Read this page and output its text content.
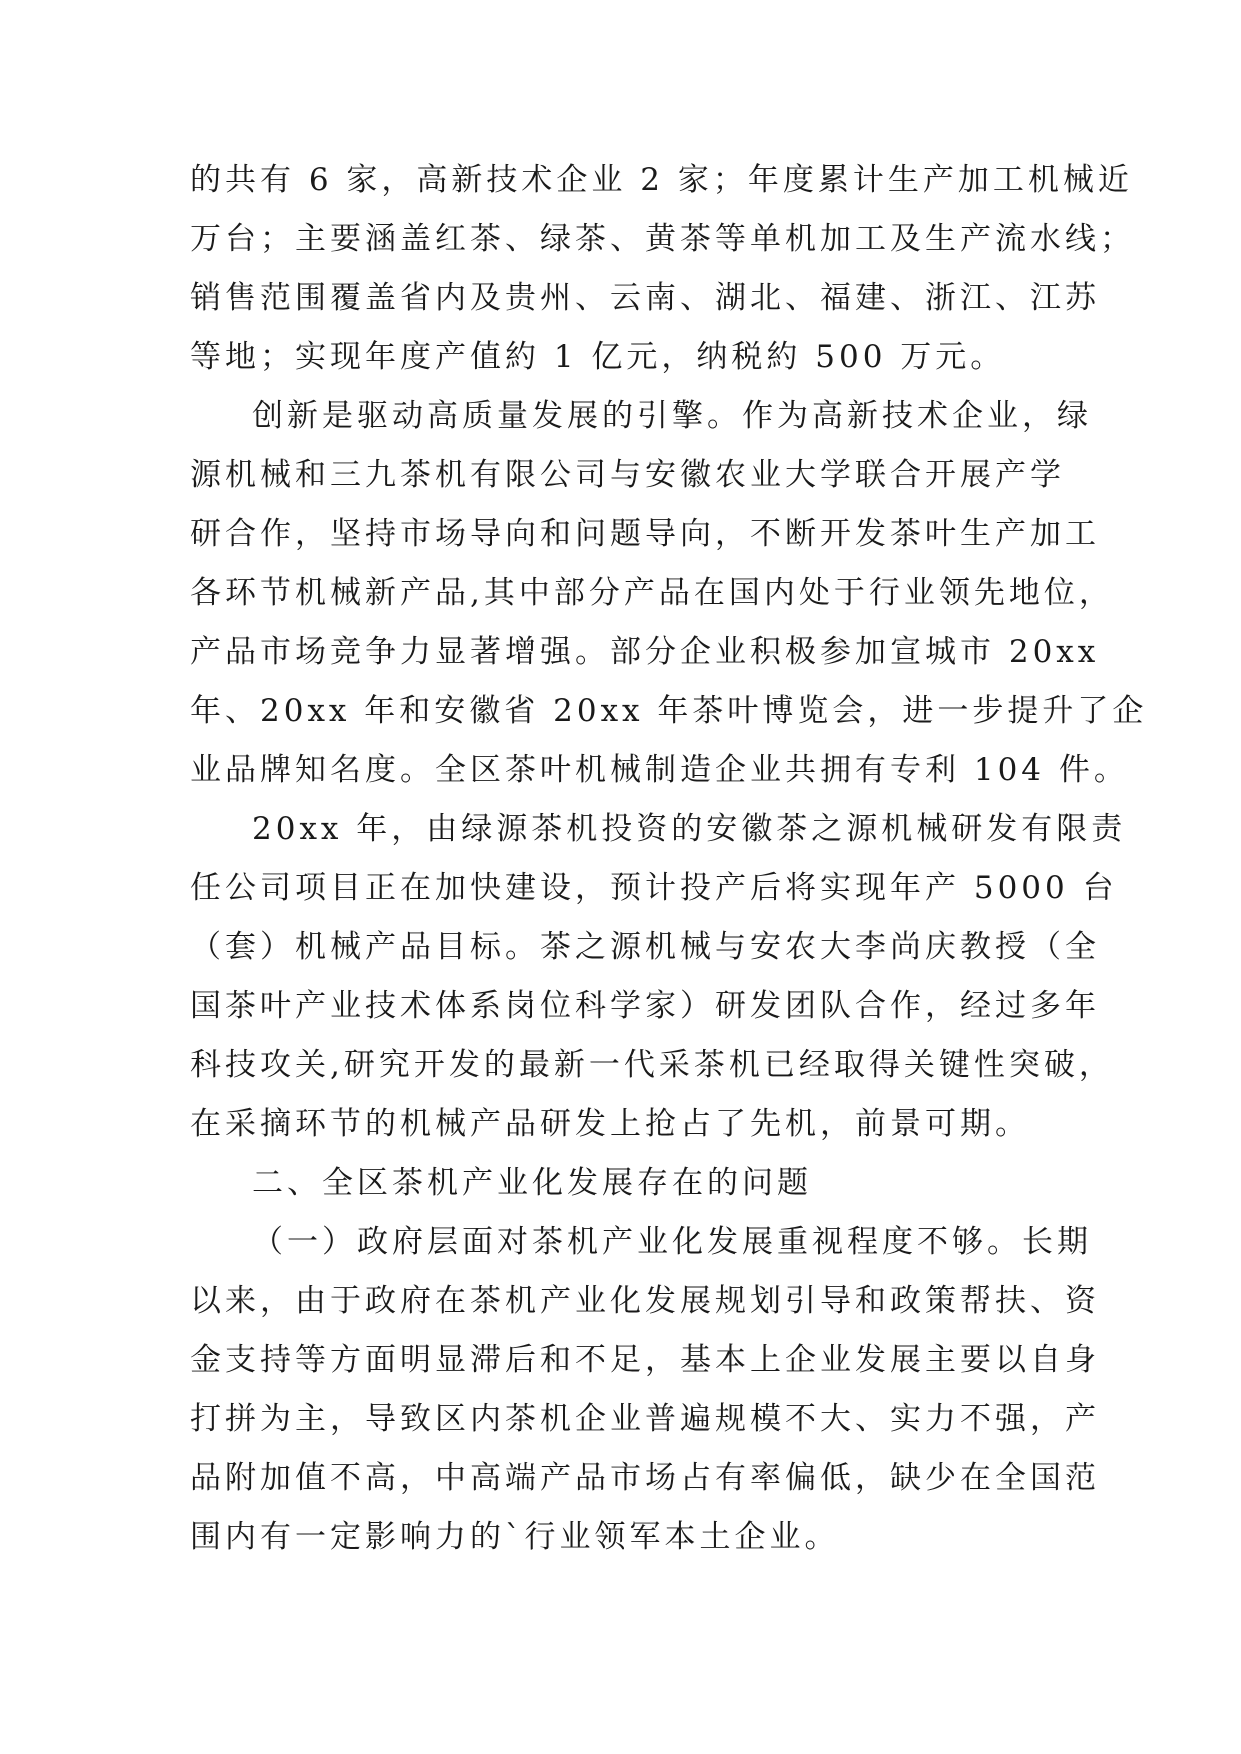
的共有 6 家，高新技术企业 2 家；年度累计生产加工机械近
万台；主要涵盖红茶、绿茶、黄茶等单机加工及生产流水线；
销售范围覆盖省内及贵州、云南、湖北、福建、浙江、江苏
等地；实现年度产值約 1 亿元，纳税約 500 万元。
创新是驱动高质量发展的引擎。作为高新技术企业，绿
源机械和三九茶机有限公司与安徽农业大学联合开展产学
研合作，坚持市场导向和问题导向，不断开发茶叶生产加工
各环节机械新产品,其中部分产品在国内处于行业领先地位，
产品市场竞争力显著增强。部分企业积极参加宣城市 20xx
年、20xx 年和安徽省 20xx 年茶叶博览会，进一步提升了企
业品牌知名度。全区茶叶机械制造企业共拥有专利 104 件。
20xx 年，由绿源茶机投资的安徽茶之源机械研发有限责
任公司项目正在加快建设，预计投产后将实现年产 5000 台
（套）机械产品目标。茶之源机械与安农大李尚庆教授（全
国茶叶产业技术体系岗位科学家）研发团队合作，经过多年
科技攻关,研究开发的最新一代采茶机已经取得关键性突破，
在采摘环节的机械产品研发上抢占了先机，前景可期。
二、全区茶机产业化发展存在的问题
（一）政府层面对茶机产业化发展重视程度不够。长期
以来，由于政府在茶机产业化发展规划引导和政策帮扶、资
金支持等方面明显滞后和不足，基本上企业发展主要以自身
打拼为主，导致区内茶机企业普遍规模不大、实力不强，产
品附加值不高，中高端产品市场占有率偏低，缺少在全国范
围内有一定影响力的`行业领军本土企业。
